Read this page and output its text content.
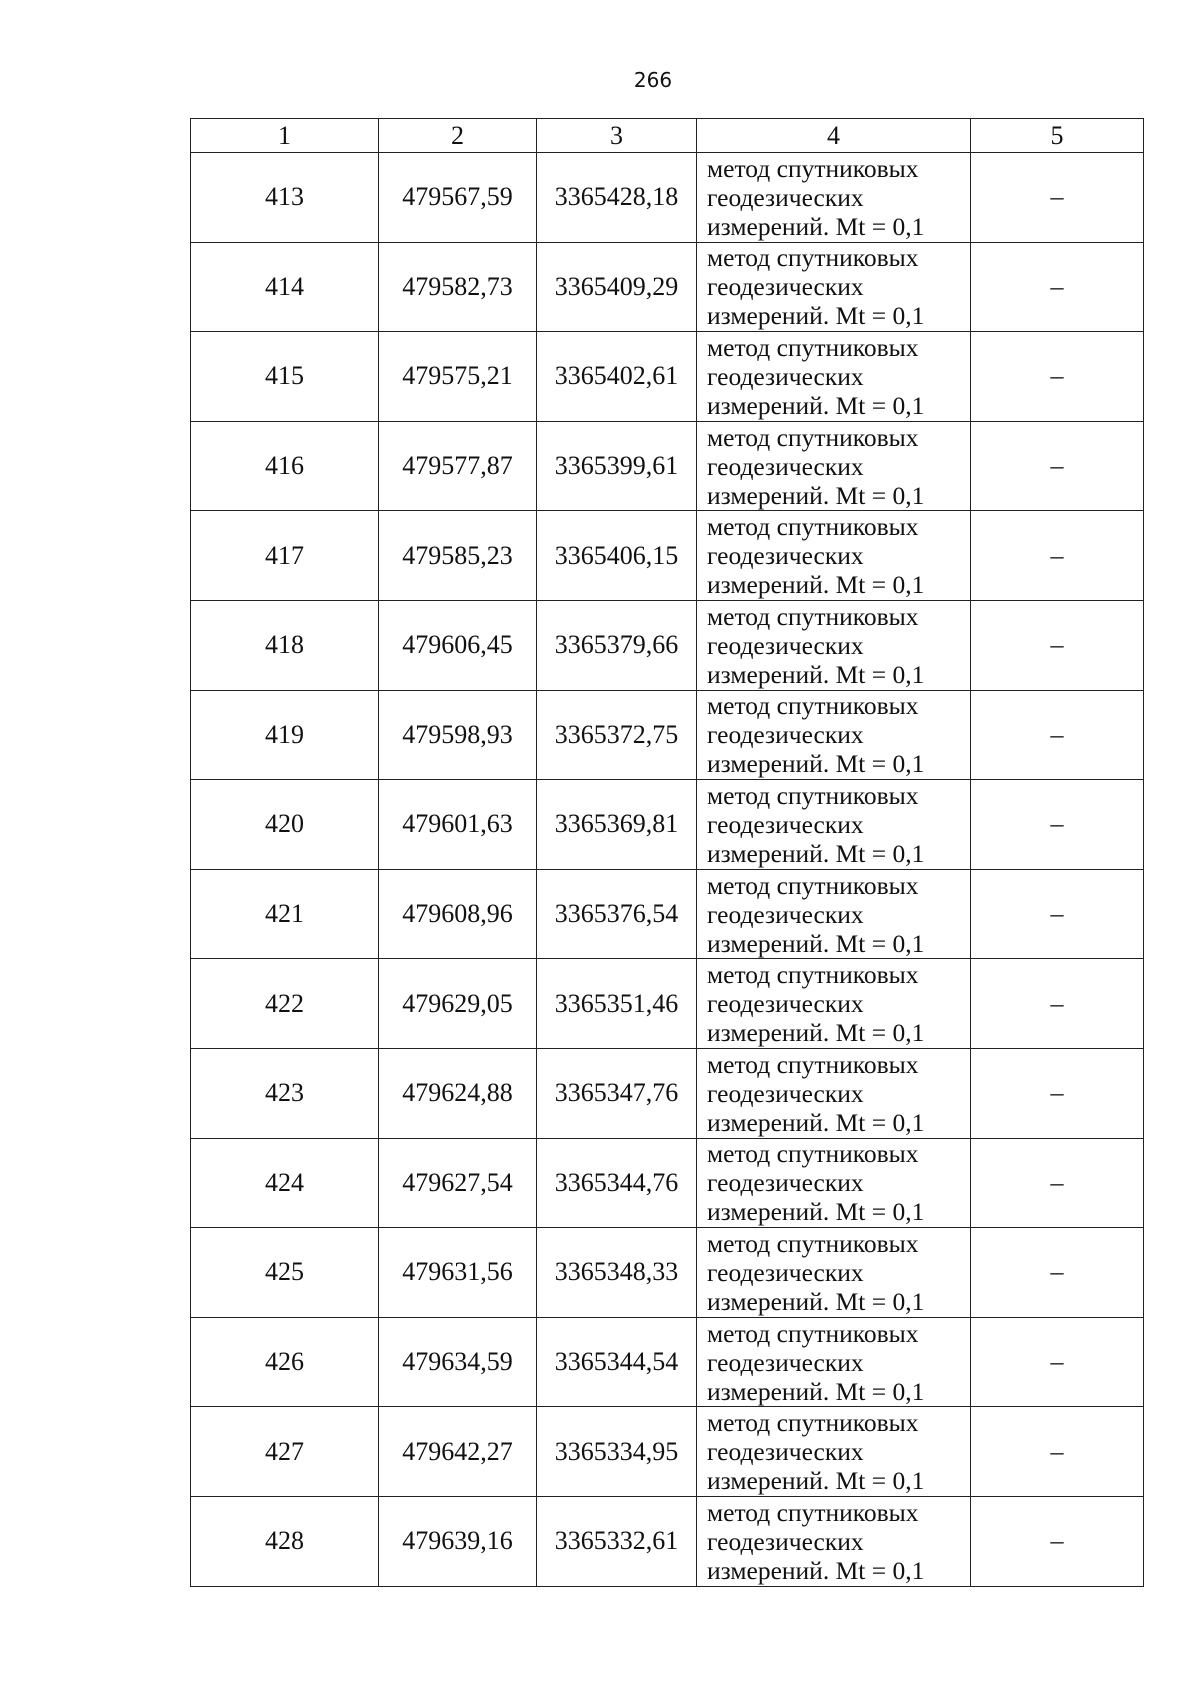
266
1	2	3	4	5
413	479567,59	3365428,18	метод спутниковых
геодезических
измерений. Mt = 0,1	–
414	479582,73	3365409,29	метод спутниковых
геодезических
измерений. Mt = 0,1	–
415	479575,21	3365402,61	метод спутниковых
геодезических
измерений. Mt = 0,1	–
416	479577,87	3365399,61	метод спутниковых
геодезических
измерений. Mt = 0,1	–
417	479585,23	3365406,15	метод спутниковых
геодезических
измерений. Mt = 0,1	–
418	479606,45	3365379,66	метод спутниковых
геодезических
измерений. Mt = 0,1	–
419	479598,93	3365372,75	метод спутниковых
геодезических
измерений. Mt = 0,1	–
420	479601,63	3365369,81	метод спутниковых
геодезических
измерений. Mt = 0,1	–
421	479608,96	3365376,54	метод спутниковых
геодезических
измерений. Mt = 0,1	–
422	479629,05	3365351,46	метод спутниковых
геодезических
измерений. Mt = 0,1	–
423	479624,88	3365347,76	метод спутниковых
геодезических
измерений. Mt = 0,1	–
424	479627,54	3365344,76	метод спутниковых
геодезических
измерений. Mt = 0,1	–
425	479631,56	3365348,33	метод спутниковых
геодезических
измерений. Mt = 0,1	–
426	479634,59	3365344,54	метод спутниковых
геодезических
измерений. Mt = 0,1	–
427	479642,27	3365334,95	метод спутниковых
геодезических
измерений. Mt = 0,1	–
428	479639,16	3365332,61	метод спутниковых
геодезических
измерений. Mt = 0,1	–
